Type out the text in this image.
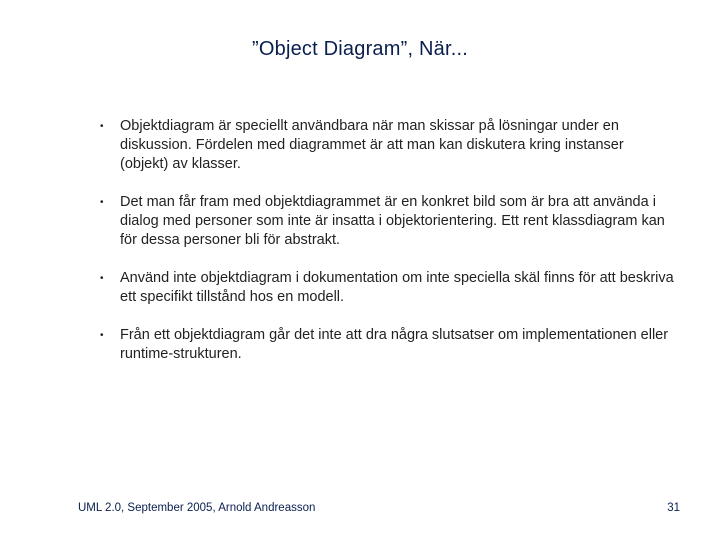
”Object Diagram”, När...
• Objektdiagram är speciellt användbara när man skissar på lösningar under en diskussion. Fördelen med diagrammet är att man kan diskutera kring instanser (objekt) av klasser.
• Det man får fram med objektdiagrammet är en konkret bild som är bra att använda i dialog med personer som inte är insatta i objektorientering. Ett rent klassdiagram kan för dessa personer bli för abstrakt.
• Använd inte objektdiagram i dokumentation om inte speciella skäl finns för att beskriva ett specifikt tillstånd hos en modell.
• Från ett objektdiagram går det inte att dra några slutsatser om implementationen eller runtime-strukturen.
UML 2.0, September 2005, Arnold Andreasson	31
